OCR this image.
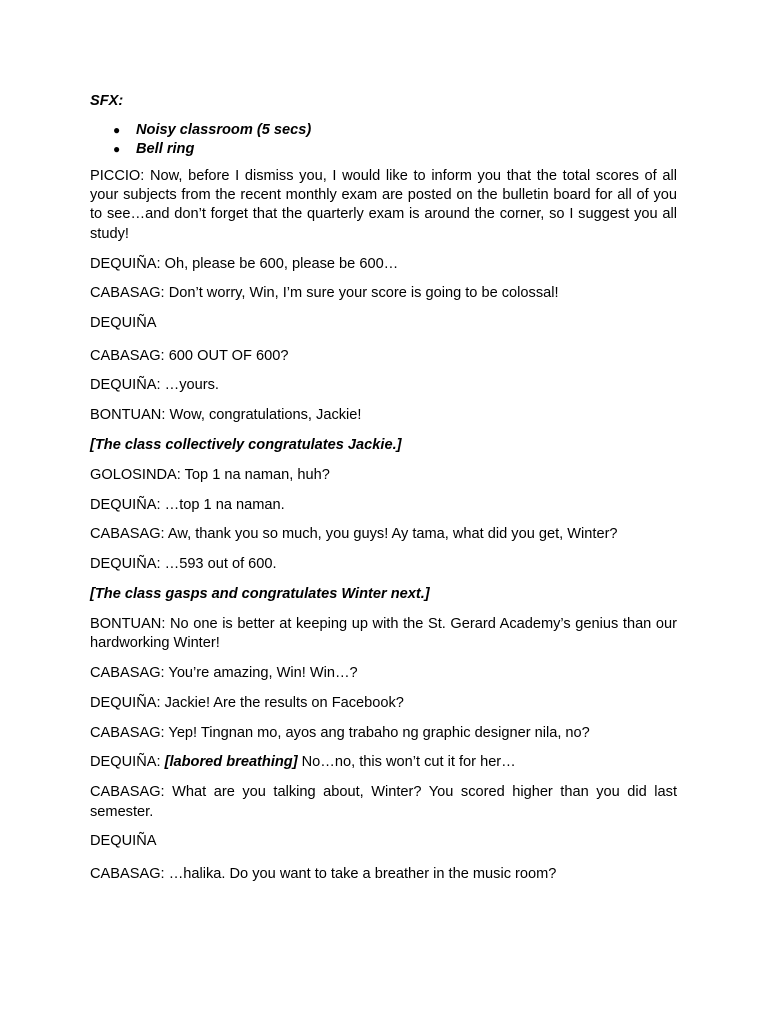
SFX:

● Noisy classroom (5 secs)
● Bell ring

PICCIO: Now, before I dismiss you, I would like to inform you that the total scores of all your subjects from the recent monthly exam are posted on the bulletin board for all of you to see…and don’t forget that the quarterly exam is around the corner, so I suggest you all study!

DEQUIÑA: Oh, please be 600, please be 600…

CABASAG: Don’t worry, Win, I’m sure your score is going to be colossal!

DEQUIÑA

CABASAG: 600 OUT OF 600?

DEQUIÑA: …yours.

BONTUAN: Wow, congratulations, Jackie!

[The class collectively congratulates Jackie.]

GOLOSINDA: Top 1 na naman, huh?

DEQUIÑA: …top 1 na naman.

CABASAG: Aw, thank you so much, you guys! Ay tama, what did you get, Winter?

DEQUIÑA: …593 out of 600.

[The class gasps and congratulates Winter next.]

BONTUAN: No one is better at keeping up with the St. Gerard Academy’s genius than our hardworking Winter!

CABASAG: You’re amazing, Win! Win…?

DEQUIÑA: Jackie! Are the results on Facebook?

CABASAG: Yep! Tingnan mo, ayos ang trabaho ng graphic designer nila, no?

DEQUIÑA: [labored breathing] No…no, this won’t cut it for her…

CABASAG: What are you talking about, Winter? You scored higher than you did last semester.

DEQUIÑA

CABASAG: …halika. Do you want to take a breather in the music room?
